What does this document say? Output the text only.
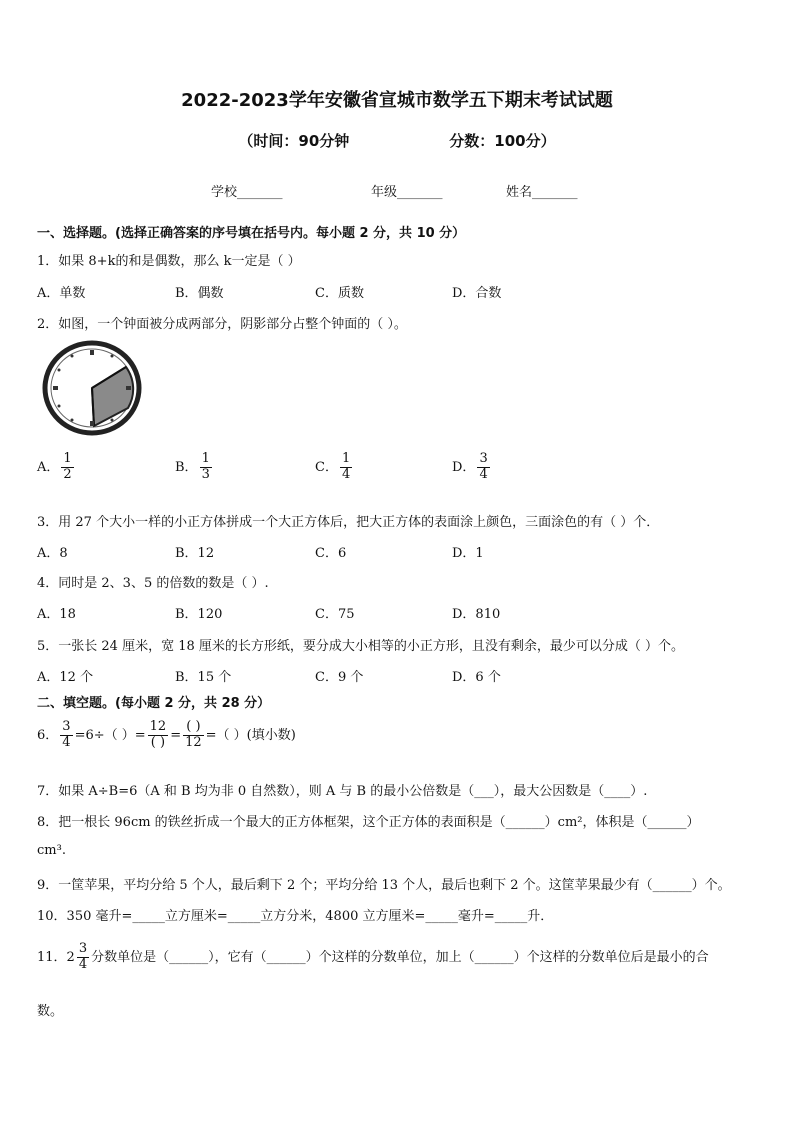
2022-2023学年安徽省宣城市数学五下期末考试试题
（时间：90分钟	分数：100分）
学校_______	年级_______	姓名_______
一、选择题。(选择正确答案的序号填在括号内。每小题 2 分，共 10 分）
1．如果 8+k的和是偶数，那么 k一定是（ ）
A．单数	B．偶数	C．质数	D．合数
2．如图，一个钟面被分成两部分，阴影部分占整个钟面的（ ）。
A． $\frac{1}{2}$	B． $\frac{1}{3}$	C． $\frac{1}{4}$	D． $\frac{3}{4}$
3．用 27 个大小一样的小正方体拼成一个大正方体后，把大正方体的表面涂上颜色，三面涂色的有（ ）个．
A．8	B．12	C．6	D．1
4．同时是 2、3、5 的倍数的数是（ ）.
A．18	B．120	C．75	D．810
5．一张长 24 厘米，宽 18 厘米的长方形纸，要分成大小相等的小正方形，且没有剩余，最少可以分成（ ）个。
A．12 个	B．15 个	C．9 个	D．6 个
二、填空题。(每小题 2 分，共 28 分）
6． $\frac{3}{4} =6\div$（ ）= $\frac{12}{( )} = \frac{( )}{12}$ =（ ）(填小数)
7．如果 A÷B=6（A 和 B 均为非 0 自然数），则 A 与 B 的最小公倍数是（___），最大公因数是（____）.
8．把一根长 96cm 的铁丝折成一个最大的正方体框架，这个正方体的表面积是（______）cm²，体积是（______）
cm³.
9．一筐苹果，平均分给 5 个人，最后剩下 2 个；平均分给 13 个人，最后也剩下 2 个。这筐苹果最少有（______）个。
10．350 毫升=_____立方厘米=_____立方分米，4800 立方厘米=_____毫升=_____升．
11．$2 \frac{3}{4}$ 分数单位是（______），它有（______）个这样的分数单位，加上（______）个这样的分数单位后是最小的合
数。
